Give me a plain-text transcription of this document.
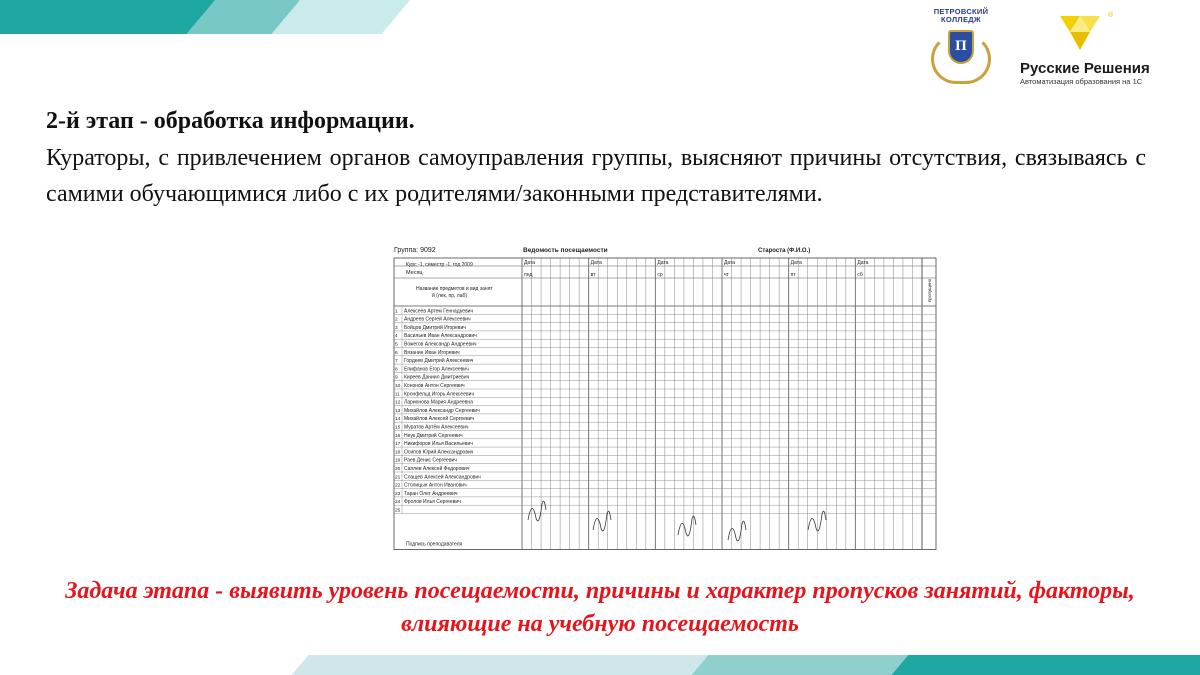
ПЕТРОВСКИЙ
КОЛЛЕДЖ
П
®
Русские Решения
Автоматизация образования на 1С
2-й этап - обработка информации.
Кураторы, с привлечением органов самоуправления группы, выясняют причины отсутствия, связываясь с самими обучающимися либо с их родителями/законными представителями.
Группа: 9092	Ведомость посещаемости	Староста (Ф.И.О.)
Курс -1, семестр -1, год 2009
Месяц
Название предметов и вид занят
й (лек, пр, лаб)
Дата
пнд
Дата
вт
Дата
ср
Дата
чт
Дата
пт
Дата
сб
пропущено
1 Алексеев Артем Геннадьевич
2 Андреев Сергей Алексеевич
3 Бойцов Дмитрий Игоревич
4 Васильев Иван Александрович
5 Вожегов Александр Андреевич
6 Вязанин Иван Игоревич
7 Гордеев Дмитрий Алексеевич
8 Епифанов Егор Алексеевич
9 Киреев Даниил Дмитриевич
10 Кононов Антон Сергеевич
11 Кронфельд Игорь Алексеевич
12 Ларионова Мария Андреевна
13 Михайлов Александр Сергеевич
14 Михайлов Алексей Сергеевич
15 Муратов Артём Алексеевич
16 Неук Дмитрий Сергеевич
17 Никифоров Илья Васильевич
18 Осипов Юрий Александрович
19 Раев Денис Сергеевич
20 Саплев Алексей Федорович
21 Слащев Алексей Александрович
22 Столицын Антон Иванович
23 Таран Олег Андреевич
24 Фролов Илья Сергеевич
25
Подпись преподавателя
Задача этапа - выявить уровень посещаемости, причины и характер пропусков занятий, факторы, влияющие на учебную посещаемость
